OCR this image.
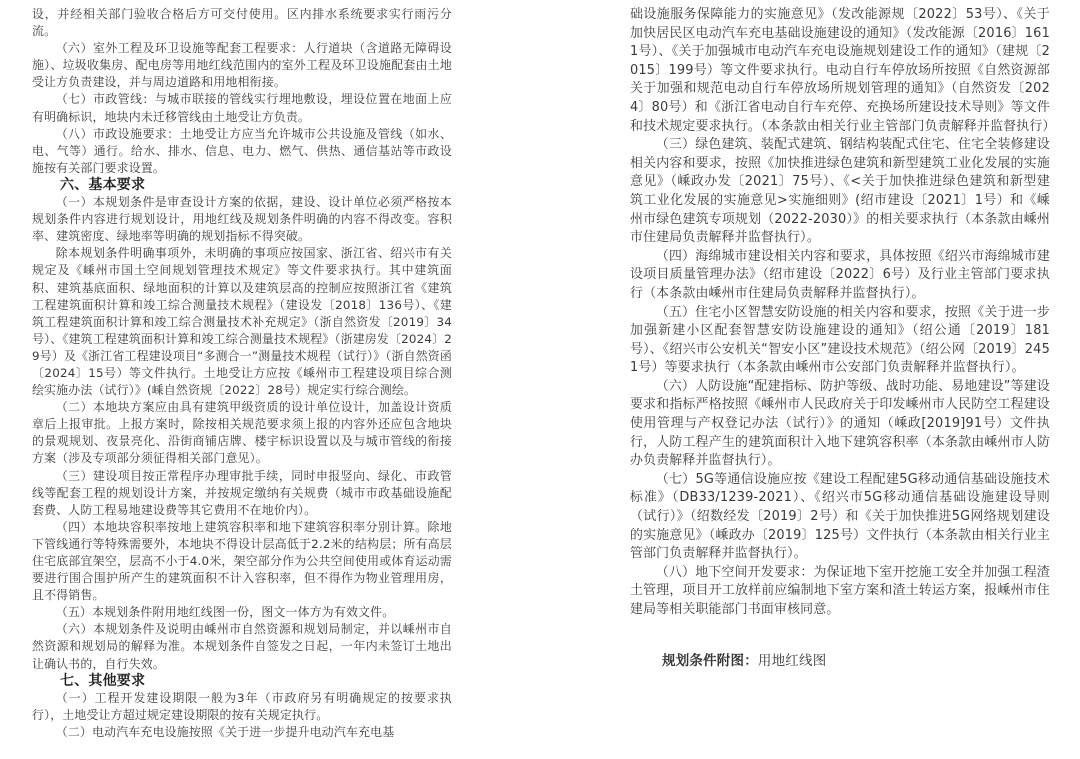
设，并经相关部门验收合格后方可交付使用。区内排水系统要求实行雨污分流。

（六）室外工程及环卫设施等配套工程要求：人行道块（含道路无障碍设施）、垃圾收集房、配电房等用地红线范围内的室外工程及环卫设施配套由土地受让方负责建设，并与周边道路和用地相衔接。

（七）市政管线：与城市联接的管线实行埋地敷设，埋设位置在地面上应有明确标识，地块内未迁移管线由土地受让方负责。

（八）市政设施要求：土地受让方应当允许城市公共设施及管线（如水、电、气等）通行。给水、排水、信息、电力、燃气、供热、通信基站等市政设施按有关部门要求设置。

六、基本要求

（一）本规划条件是审查设计方案的依据，建设、设计单位必须严格按本规划条件内容进行规划设计，用地红线及规划条件明确的内容不得改变。容积率、建筑密度、绿地率等明确的规划指标不得突破。

除本规划条件明确事项外，未明确的事项应按国家、浙江省、绍兴市有关规定及《嵊州市国土空间规划管理技术规定》等文件要求执行。其中建筑面积、建筑基底面积、绿地面积的计算以及建筑层高的控制应按照浙江省《建筑工程建筑面积计算和竣工综合测量技术规程》（建设发〔2018〕136号）、《建筑工程建筑面积计算和竣工综合测量技术补充规定》（浙自然资发〔2019〕34号）、《建筑工程建筑面积计算和竣工综合测量技术规程》（浙建房发〔2024〕29号）及《浙江省工程建设项目“多测合一”测量技术规程（试行）》（浙自然资函〔2024〕15号）等文件执行。土地受让方应按《嵊州市工程建设项目综合测绘实施办法（试行）》(嵊自然资规〔2022〕28号）规定实行综合测绘。

（二）本地块方案应由具有建筑甲级资质的设计单位设计，加盖设计资质章后上报审批。上报方案时，除按相关规范要求须上报的内容外还应包含地块的景观规划、夜景亮化、沿街商铺店牌、楼宇标识设置以及与城市管线的衔接方案（涉及专项部分须征得相关部门意见）。

（三）建设项目按正常程序办理审批手续，同时申报竖向、绿化、市政管线等配套工程的规划设计方案，并按规定缴纳有关规费（城市市政基础设施配套费、人防工程易地建设费等其它费用不在地价内）。

（四）本地块容积率按地上建筑容积率和地下建筑容积率分别计算。除地下管线通行等特殊需要外，本地块不得设计层高低于2.2米的结构层；所有高层住宅底部宜架空，层高不小于4.0米，架空部分作为公共空间使用或体育运动需要进行围合围护所产生的建筑面积不计入容积率，但不得作为物业管理用房，且不得销售。

（五）本规划条件附用地红线图一份，图文一体方为有效文件。

（六）本规划条件及说明由嵊州市自然资源和规划局制定，并以嵊州市自然资源和规划局的解释为准。本规划条件自签发之日起，一年内未签订土地出让确认书的，自行失效。

七、其他要求

（一）工程开发建设期限一般为3年（市政府另有明确规定的按要求执行），土地受让方超过规定建设期限的按有关规定执行。

（二）电动汽车充电设施按照《关于进一步提升电动汽车充电基

础设施服务保障能力的实施意见》（发改能源规〔2022〕53号）、《关于加快居民区电动汽车充电基础设施建设的通知》（发改能源〔2016〕1611号）、《关于加强城市电动汽车充电设施规划建设工作的通知》（建规〔2015〕199号）等文件要求执行。电动自行车停放场所按照《自然资源部关于加强和规范电动自行车停放场所规划管理的通知》（自然资发〔2024〕80号）和《浙江省电动自行车充停、充换场所建设技术导则》等文件和技术规定要求执行。（本条款由相关行业主管部门负责解释并监督执行）

（三）绿色建筑、装配式建筑、钢结构装配式住宅、住宅全装修建设相关内容和要求，按照《加快推进绿色建筑和新型建筑工业化发展的实施意见》（嵊政办发〔2021〕75号）、《<关于加快推进绿色建筑和新型建筑工业化发展的实施意见>实施细则》(绍市建设〔2021〕1号）和《嵊州市绿色建筑专项规划（2022-2030）》的相关要求执行（本条款由嵊州市住建局负责解释并监督执行）。

（四）海绵城市建设相关内容和要求，具体按照《绍兴市海绵城市建设项目质量管理办法》（绍市建设〔2022〕6号）及行业主管部门要求执行（本条款由嵊州市住建局负责解释并监督执行）。

（五）住宅小区智慧安防设施的相关内容和要求，按照《关于进一步加强新建小区配套智慧安防设施建设的通知》（绍公通〔2019〕181号）、《绍兴市公安机关“智安小区”建设技术规范》（绍公网〔2019〕2451号）等要求执行（本条款由嵊州市公安部门负责解释并监督执行）。

（六）人防设施“配建指标、防护等级、战时功能、易地建设”等建设要求和指标严格按照《嵊州市人民政府关于印发嵊州市人民防空工程建设使用管理与产权登记办法（试行）》的通知（嵊政[2019]91号）文件执行，人防工程产生的建筑面积计入地下建筑容积率（本条款由嵊州市人防办负责解释并监督执行）。

（七）5G等通信设施应按《建设工程配建5G移动通信基础设施技术标准》（DB33/1239-2021）、《绍兴市5G移动通信基础设施建设导则（试行）》（绍数经发〔2019〕2号）和《关于加快推进5G网络规划建设的实施意见》（嵊政办〔2019〕125号）文件执行（本条款由相关行业主管部门负责解释并监督执行）。

（八）地下空间开发要求：为保证地下室开挖施工安全并加强工程渣土管理，项目开工放样前应编制地下室方案和渣土转运方案，报嵊州市住建局等相关职能部门书面审核同意。

规划条件附图：用地红线图
